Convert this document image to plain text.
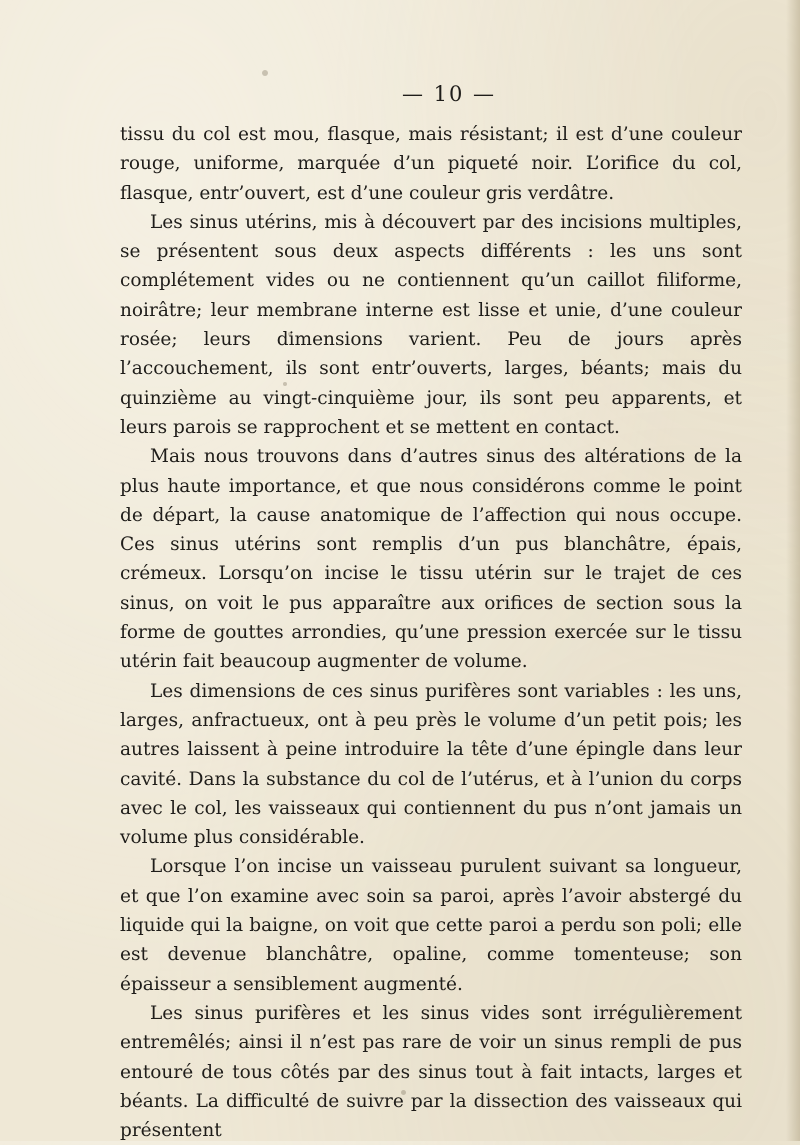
— 10 —

tissu du col est mou, flasque, mais résistant; il est d’une couleur rouge, uniforme, marquée d’un piqueté noir. L’orifice du col, flasque, entr’ouvert, est d’une couleur gris verdâtre.

Les sinus utérins, mis à découvert par des incisions multiples, se présentent sous deux aspects différents : les uns sont complétement vides ou ne contiennent qu’un caillot filiforme, noirâtre; leur membrane interne est lisse et unie, d’une couleur rosée; leurs dimensions varient. Peu de jours après l’accouchement, ils sont entr’ouverts, larges, béants; mais du quinzième au vingt-cinquième jour, ils sont peu apparents, et leurs parois se rapprochent et se mettent en contact.

Mais nous trouvons dans d’autres sinus des altérations de la plus haute importance, et que nous considérons comme le point de départ, la cause anatomique de l’affection qui nous occupe. Ces sinus utérins sont remplis d’un pus blanchâtre, épais, crémeux. Lorsqu’on incise le tissu utérin sur le trajet de ces sinus, on voit le pus apparaître aux orifices de section sous la forme de gouttes arrondies, qu’une pression exercée sur le tissu utérin fait beaucoup augmenter de volume.

Les dimensions de ces sinus purifères sont variables : les uns, larges, anfractueux, ont à peu près le volume d’un petit pois; les autres laissent à peine introduire la tête d’une épingle dans leur cavité. Dans la substance du col de l’utérus, et à l’union du corps avec le col, les vaisseaux qui contiennent du pus n’ont jamais un volume plus considérable.

Lorsque l’on incise un vaisseau purulent suivant sa longueur, et que l’on examine avec soin sa paroi, après l’avoir abstergé du liquide qui la baigne, on voit que cette paroi a perdu son poli; elle est devenue blanchâtre, opaline, comme tomenteuse; son épaisseur a sensiblement augmenté.

Les sinus purifères et les sinus vides sont irrégulièrement entremêlés; ainsi il n’est pas rare de voir un sinus rempli de pus entouré de tous côtés par des sinus tout à fait intacts, larges et béants. La difficulté de suivre par la dissection des vaisseaux qui présentent
